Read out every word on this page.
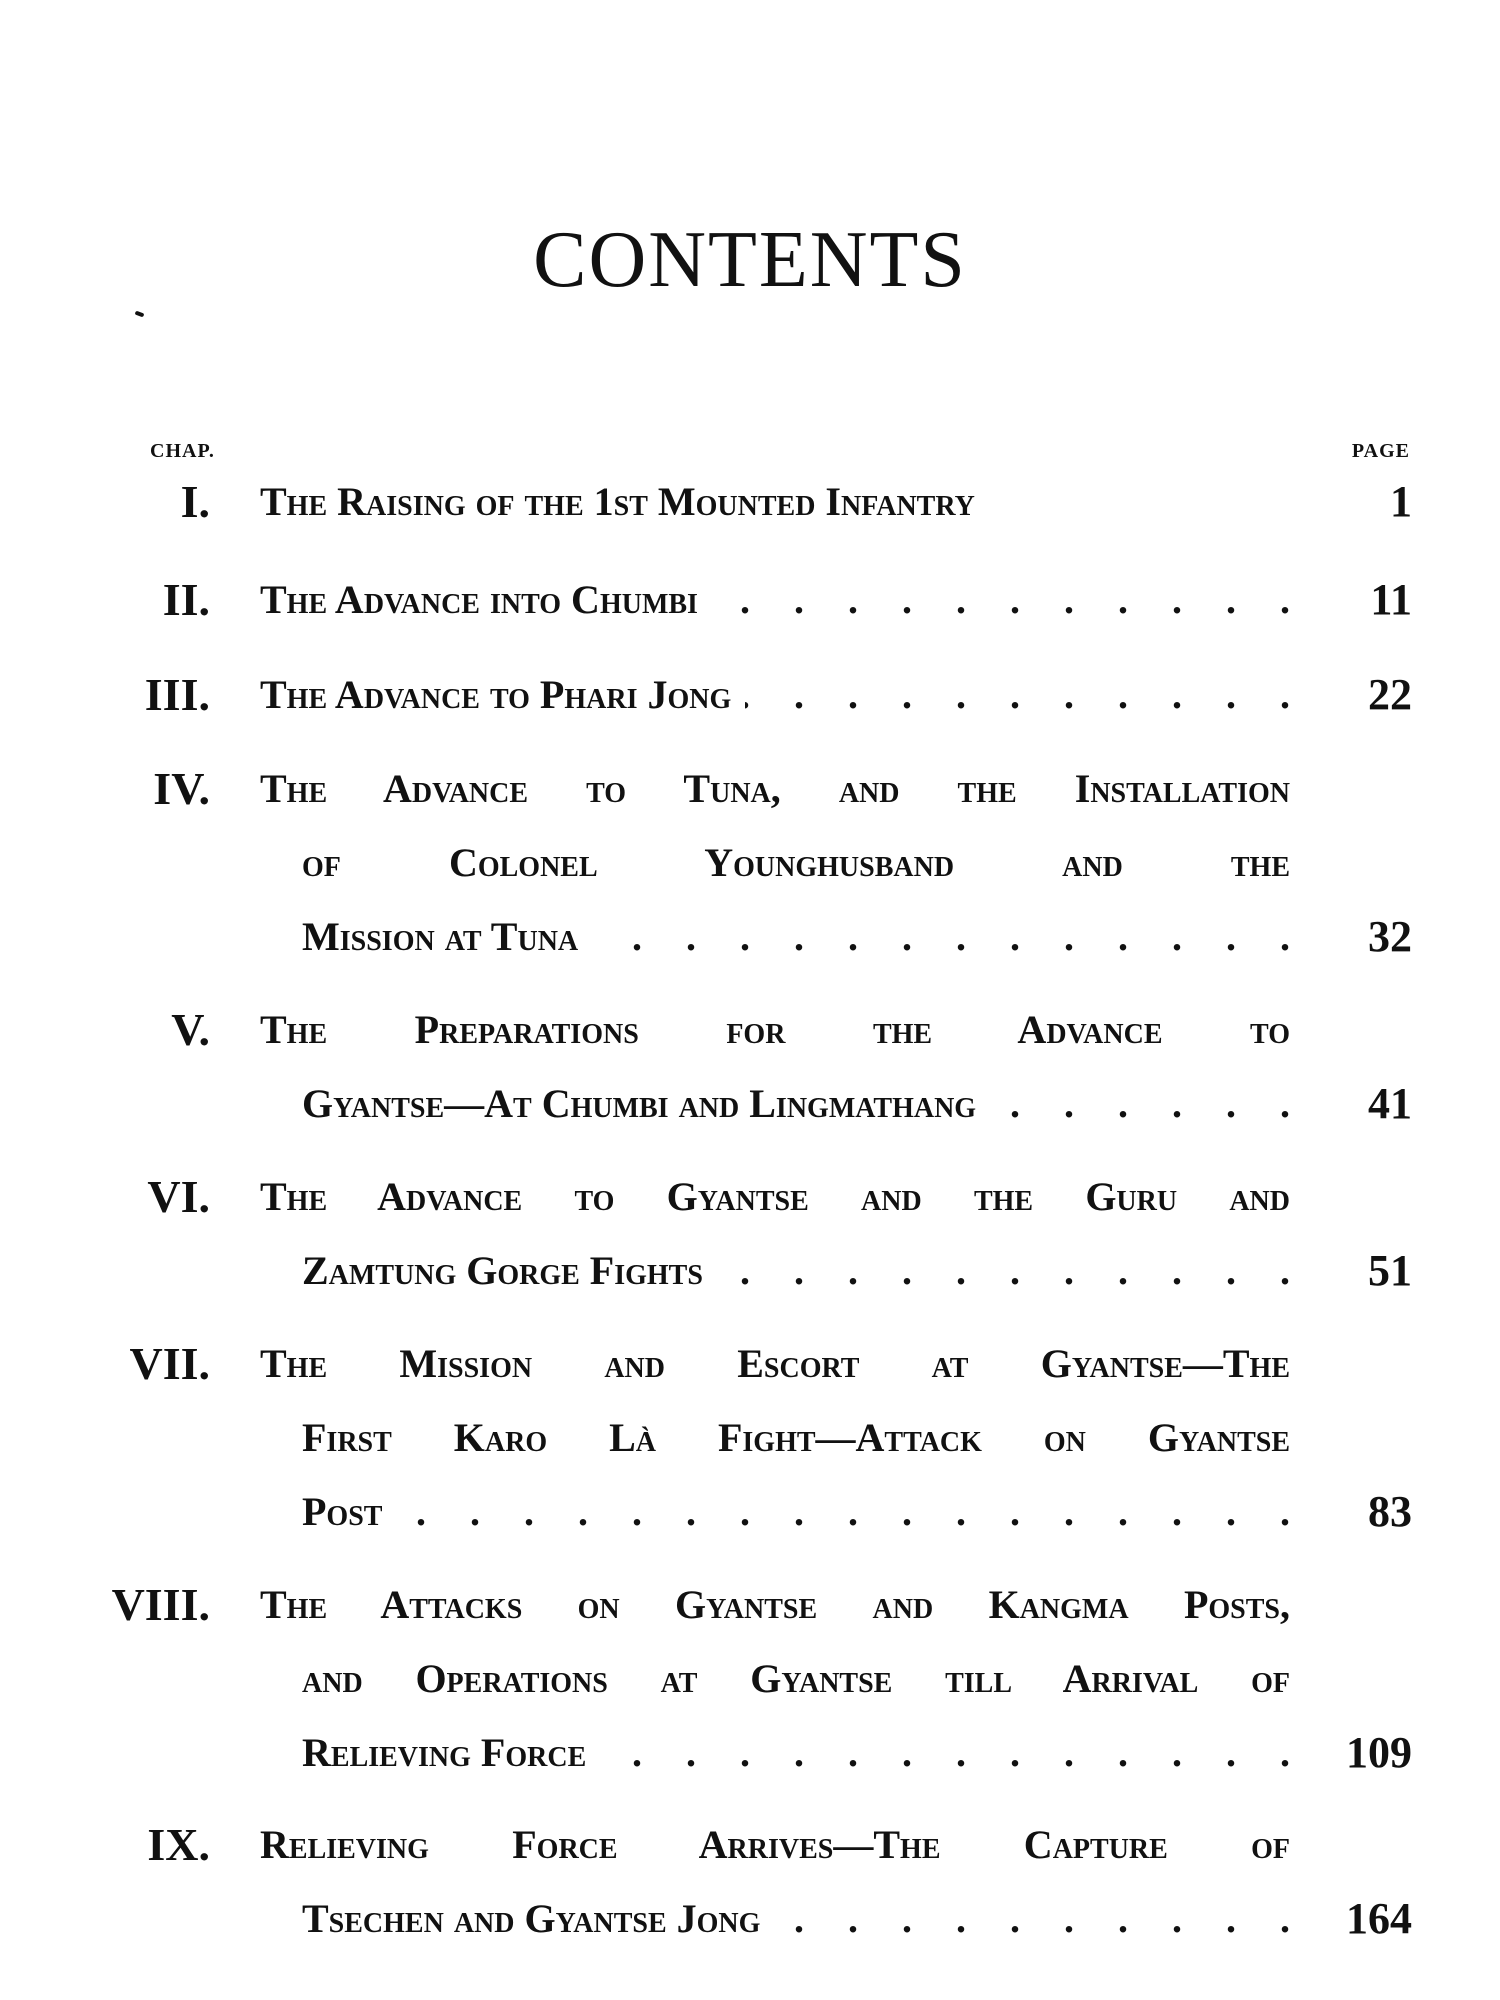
CONTENTS
CHAP.	PAGE
I. The Raising of the 1st Mounted Infantry	1
II. The Advance into Chumbi . . .	11
III. The Advance to Phari Jong . . .	22
IV. The Advance to Tuna, and the Installation
of Colonel Younghusband and the
Mission at Tuna . . .	32
V. The Preparations for the Advance to
Gyantse—At Chumbi and Lingmathang . . .	41
VI. The Advance to Gyantse and the Guru and
Zamtung Gorge Fights . . .	51
VII. The Mission and Escort at Gyantse—The
First Karo Là Fight—Attack on Gyantse
Post . . .	83
VIII. The Attacks on Gyantse and Kangma Posts,
and Operations at Gyantse till Arrival of
Relieving Force . . .	109
IX. Relieving Force Arrives—The Capture of
Tsechen and Gyantse Jong . . .	164
